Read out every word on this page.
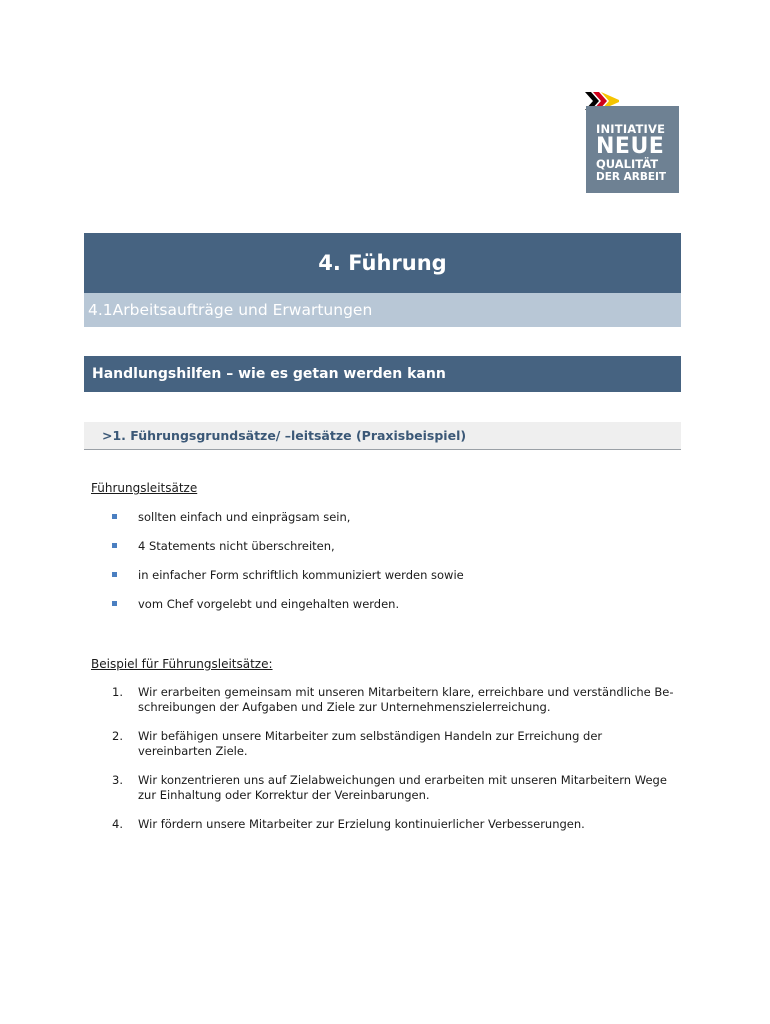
INITIATIVE
NEUE
QUALITÄT
DER ARBEIT
4. Führung
4.1Arbeitsaufträge und Erwartungen
Handlungshilfen – wie es getan werden kann
>1. Führungsgrundsätze/ –leitsätze (Praxisbeispiel)
Führungsleitsätze
sollten einfach und einprägsam sein,
4 Statements nicht überschreiten,
in einfacher Form schriftlich kommuniziert werden sowie
vom Chef vorgelebt und eingehalten werden.
Beispiel für Führungsleitsätze:
1. Wir erarbeiten gemeinsam mit unseren Mitarbeitern klare, erreichbare und verständliche Be-schreibungen der Aufgaben und Ziele zur Unternehmenszielerreichung.
2. Wir befähigen unsere Mitarbeiter zum selbständigen Handeln zur Erreichung der vereinbarten Ziele.
3. Wir konzentrieren uns auf Zielabweichungen und erarbeiten mit unseren Mitarbeitern Wege zur Einhaltung oder Korrektur der Vereinbarungen.
4. Wir fördern unsere Mitarbeiter zur Erzielung kontinuierlicher Verbesserungen.
